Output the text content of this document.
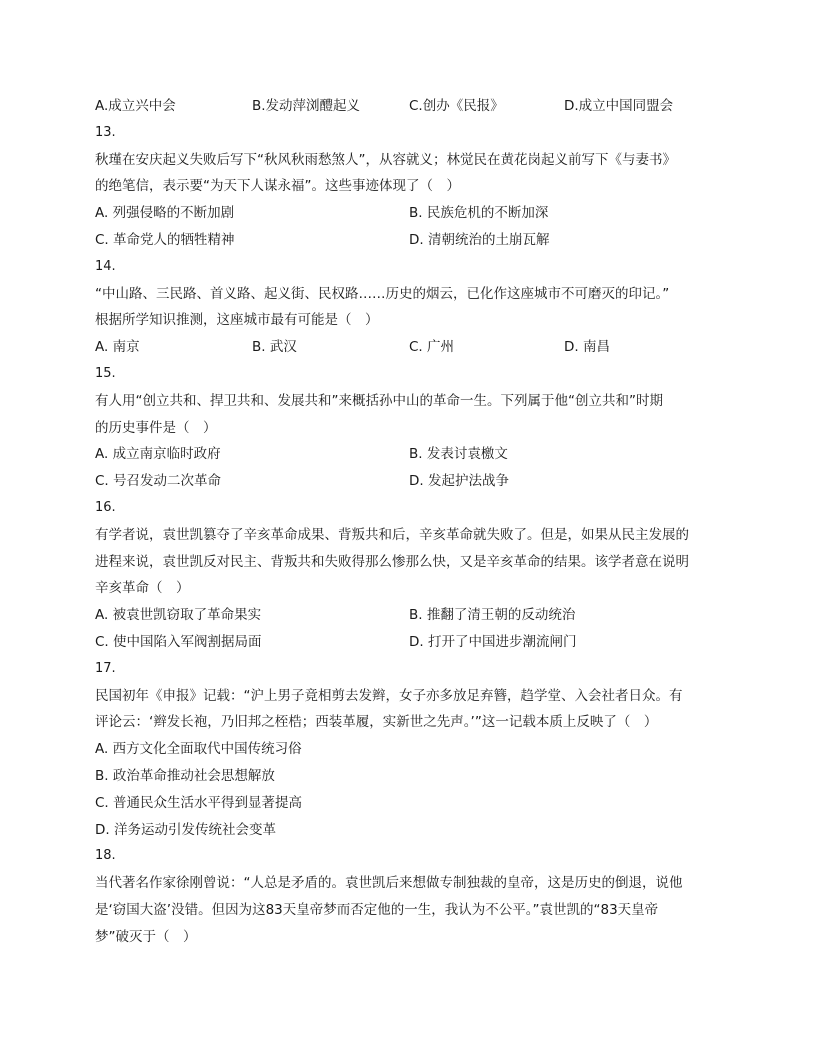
A.成立兴中会	B.发动萍浏醴起义	C.创办《民报》	D.成立中国同盟会
13.
秋瑾在安庆起义失败后写下“秋风秋雨愁煞人”，从容就义；林觉民在黄花岗起义前写下《与妻书》
的绝笔信，表示要“为天下人谋永福”。这些事迹体现了（　）
A. 列强侵略的不断加剧	B. 民族危机的不断加深
C. 革命党人的牺牲精神	D. 清朝统治的土崩瓦解
14.
“中山路、三民路、首义路、起义街、民权路……历史的烟云，已化作这座城市不可磨灭的印记。”
根据所学知识推测，这座城市最有可能是（　）
A. 南京	B. 武汉	C. 广州	D. 南昌
15.
有人用“创立共和、捍卫共和、发展共和”来概括孙中山的革命一生。下列属于他“创立共和”时期
的历史事件是（　）
A. 成立南京临时政府	B. 发表讨袁檄文
C. 号召发动二次革命	D. 发起护法战争
16.
有学者说，袁世凯篡夺了辛亥革命成果、背叛共和后，辛亥革命就失败了。但是，如果从民主发展的
进程来说，袁世凯反对民主、背叛共和失败得那么惨那么快，又是辛亥革命的结果。该学者意在说明
辛亥革命（　）
A. 被袁世凯窃取了革命果实	B. 推翻了清王朝的反动统治
C. 使中国陷入军阀割据局面	D. 打开了中国进步潮流闸门
17.
民国初年《申报》记载：“沪上男子竟相剪去发辫，女子亦多放足弃簪，趋学堂、入会社者日众。有
评论云：‘辫发长袍，乃旧邦之桎梏；西装革履，实新世之先声。’”这一记载本质上反映了（　）
A. 西方文化全面取代中国传统习俗
B. 政治革命推动社会思想解放
C. 普通民众生活水平得到显著提高
D. 洋务运动引发传统社会变革
18.
当代著名作家徐刚曾说：“人总是矛盾的。袁世凯后来想做专制独裁的皇帝，这是历史的倒退，说他
是‘窃国大盗’没错。但因为这83天皇帝梦而否定他的一生，我认为不公平。”袁世凯的“83天皇帝
梦”破灭于（　）
